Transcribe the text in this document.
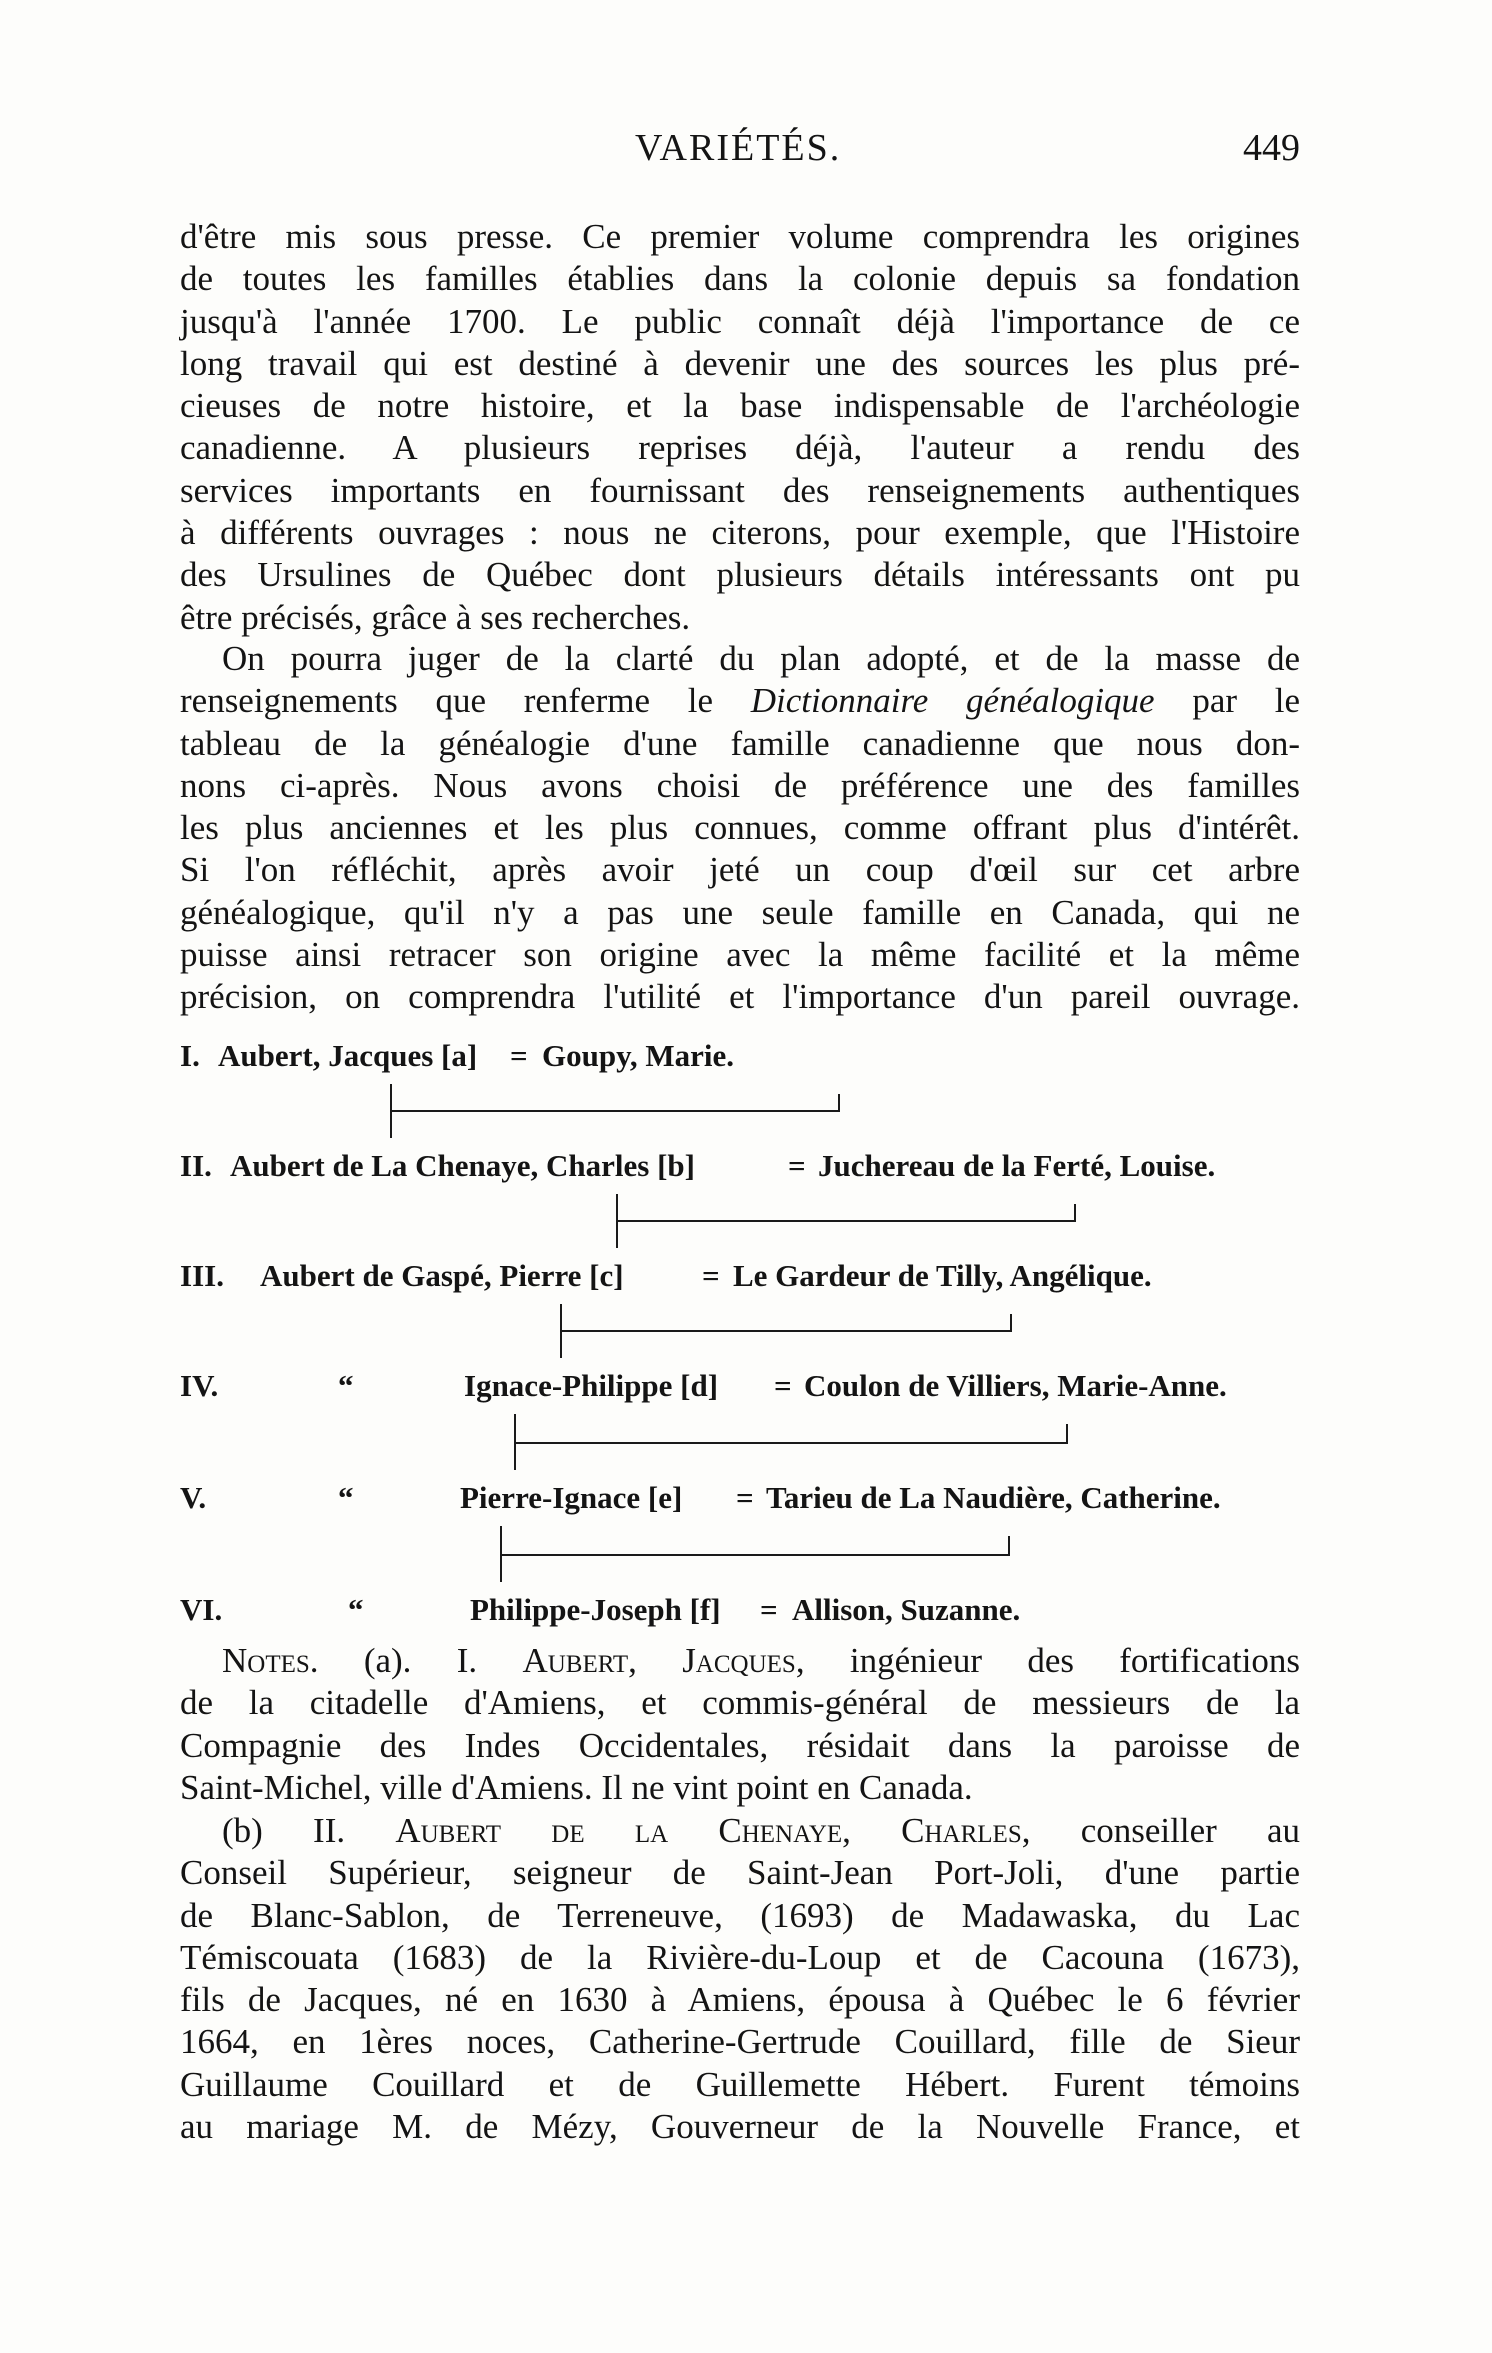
VARIÉTÉS.	449
d'être mis sous presse. Ce premier volume comprendra les origines
de toutes les familles établies dans la colonie depuis sa fondation
jusqu'à l'année 1700. Le public connaît déjà l'importance de ce
long travail qui est destiné à devenir une des sources les plus pré-
cieuses de notre histoire, et la base indispensable de l'archéologie
canadienne. A plusieurs reprises déjà, l'auteur a rendu des
services importants en fournissant des renseignements authentiques
à différents ouvrages : nous ne citerons, pour exemple, que l'Histoire
des Ursulines de Québec dont plusieurs détails intéressants ont pu
être précisés, grâce à ses recherches.
On pourra juger de la clarté du plan adopté, et de la masse de
renseignements que renferme le Dictionnaire généalogique par le
tableau de la généalogie d'une famille canadienne que nous don-
nons ci-après. Nous avons choisi de préférence une des familles
les plus anciennes et les plus connues, comme offrant plus d'intérêt.
Si l'on réfléchit, après avoir jeté un coup d'œil sur cet arbre
généalogique, qu'il n'y a pas une seule famille en Canada, qui ne
puisse ainsi retracer son origine avec la même facilité et la même
précision, on comprendra l'utilité et l'importance d'un pareil ouvrage.
I. Aubert, Jacques [a] = Goupy, Marie.
II. Aubert de La Chenaye, Charles [b]	= Juchereau de la Ferté, Louise.
III. Aubert de Gaspé, Pierre [c]	= Le Gardeur de Tilly, Angélique.
IV.	“	Ignace-Philippe [d] = Coulon de Villiers, Marie-Anne.
V.	“	Pierre-Ignace [e] = Tarieu de La Naudière, Catherine.
VI.	“	Philippe-Joseph [f] = Allison, Suzanne.
Notes. (a). I. Aubert, Jacques, ingénieur des fortifications
de la citadelle d'Amiens, et commis-général de messieurs de la
Compagnie des Indes Occidentales, résidait dans la paroisse de
Saint-Michel, ville d'Amiens. Il ne vint point en Canada.
(b) II. Aubert de la Chenaye, Charles, conseiller au
Conseil Supérieur, seigneur de Saint-Jean Port-Joli, d'une partie
de Blanc-Sablon, de Terreneuve, (1693) de Madawaska, du Lac
Témiscouata (1683) de la Rivière-du-Loup et de Cacouna (1673),
fils de Jacques, né en 1630 à Amiens, épousa à Québec le 6 février
1664, en 1ères noces, Catherine-Gertrude Couillard, fille de Sieur
Guillaume Couillard et de Guillemette Hébert. Furent témoins
au mariage M. de Mézy, Gouverneur de la Nouvelle France, et
